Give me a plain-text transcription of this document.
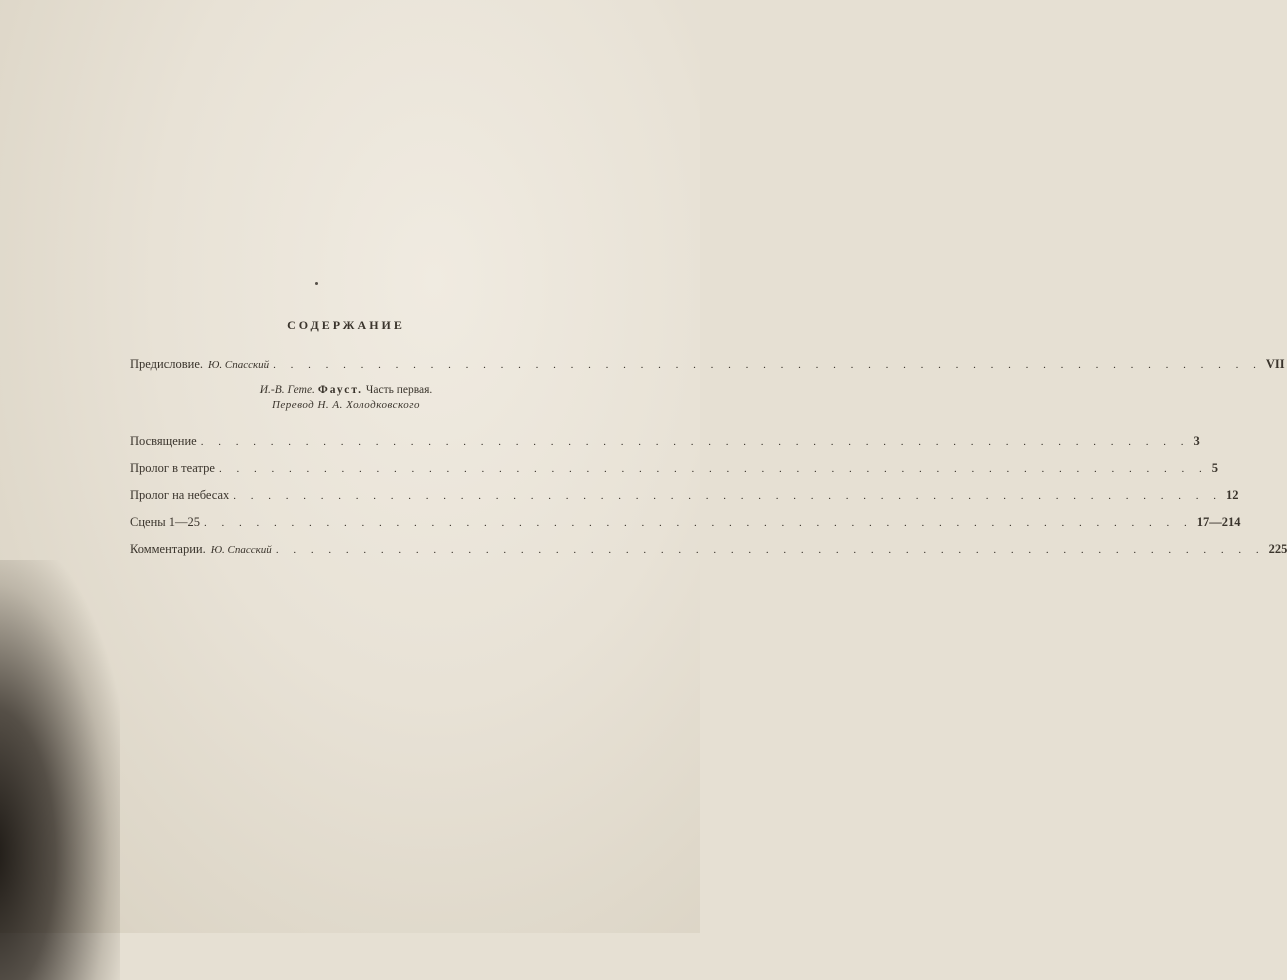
СОДЕРЖАНИЕ
Предисловие. Ю. Спасский . . . . . . . . . . . . . . . . . . . . . . . . . . . . . . . . . . . . . . . . . . . . . . . . . . . . . . . . . VII
И.-В. Гете. Фауст. Часть первая.
Перевод Н. А. Холодковского
Посвящение . . . . . . . . . . . . . . . . . . . . . . . . . . . . . . . . . . . . . . . . . . . . . . . . . . . . . . . . . 3
Пролог в театре . . . . . . . . . . . . . . . . . . . . . . . . . . . . . . . . . . . . . . . . . . . . . . . . . . . . . . . . . 5
Пролог на небесах . . . . . . . . . . . . . . . . . . . . . . . . . . . . . . . . . . . . . . . . . . . . . . . . . . . . . . . . . 12
Сцены 1—25 . . . . . . . . . . . . . . . . . . . . . . . . . . . . . . . . . . . . . . . . . . . . . . . . . . . . . . . . . 17—214
Комментарии. Ю. Спасский . . . . . . . . . . . . . . . . . . . . . . . . . . . . . . . . . . . . . . . . . . . . . . . . . . . . . . . . . 225
